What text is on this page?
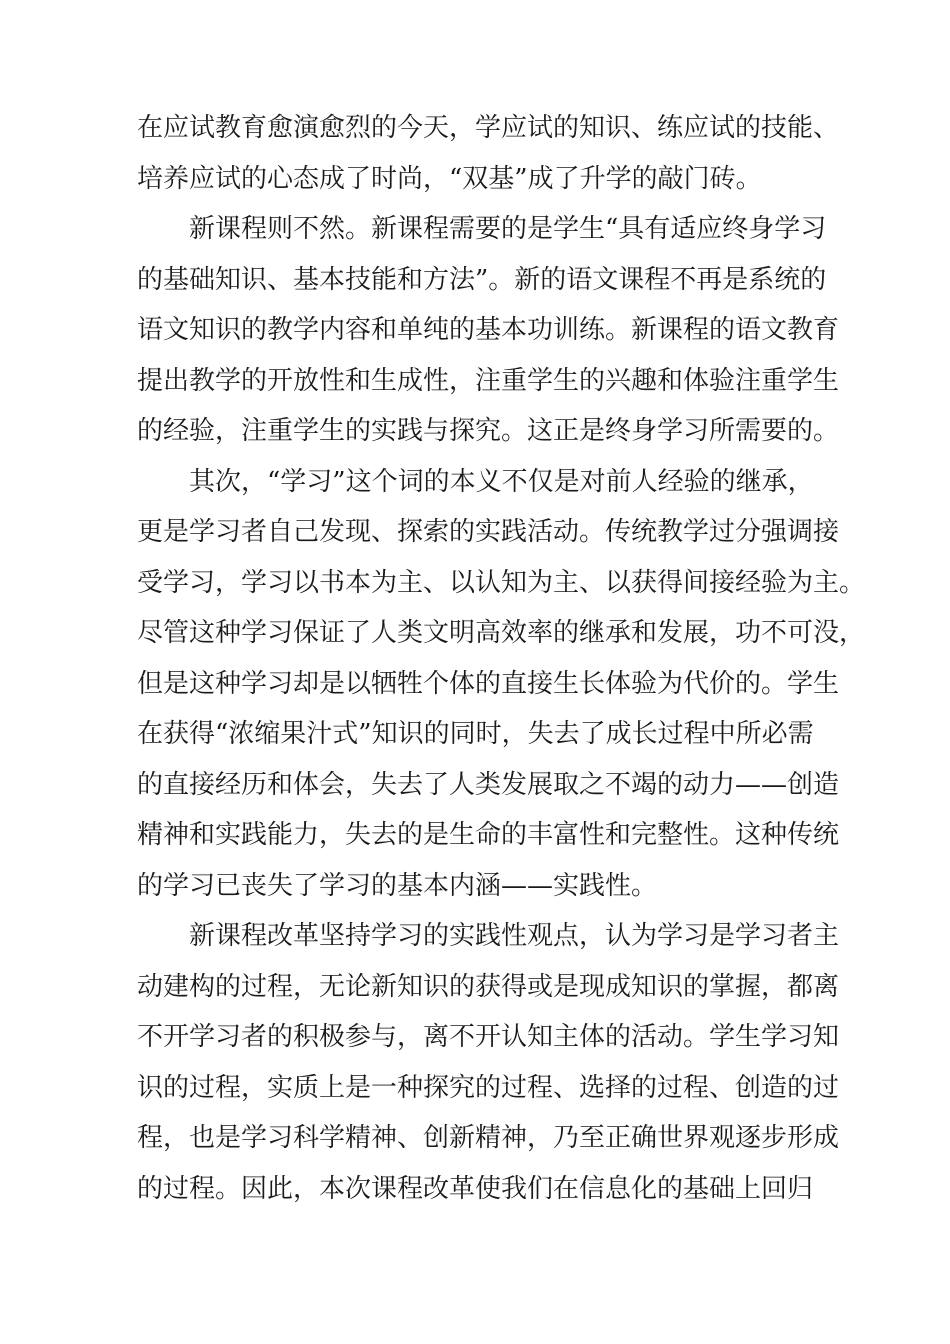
在应试教育愈演愈烈的今天，学应试的知识、练应试的技能、
培养应试的心态成了时尚，“双基”成了升学的敲门砖。
新课程则不然。新课程需要的是学生“具有适应终身学习
的基础知识、基本技能和方法”。新的语文课程不再是系统的
语文知识的教学内容和单纯的基本功训练。新课程的语文教育
提出教学的开放性和生成性，注重学生的兴趣和体验注重学生
的经验，注重学生的实践与探究。这正是终身学习所需要的。
其次，“学习”这个词的本义不仅是对前人经验的继承，
更是学习者自己发现、探索的实践活动。传统教学过分强调接
受学习，学习以书本为主、以认知为主、以获得间接经验为主。
尽管这种学习保证了人类文明高效率的继承和发展，功不可没，
但是这种学习却是以牺牲个体的直接生长体验为代价的。学生
在获得“浓缩果汁式”知识的同时，失去了成长过程中所必需
的直接经历和体会，失去了人类发展取之不竭的动力——创造
精神和实践能力，失去的是生命的丰富性和完整性。这种传统
的学习已丧失了学习的基本内涵——实践性。
新课程改革坚持学习的实践性观点，认为学习是学习者主
动建构的过程，无论新知识的获得或是现成知识的掌握，都离
不开学习者的积极参与，离不开认知主体的活动。学生学习知
识的过程，实质上是一种探究的过程、选择的过程、创造的过
程，也是学习科学精神、创新精神，乃至正确世界观逐步形成
的过程。因此，本次课程改革使我们在信息化的基础上回归
